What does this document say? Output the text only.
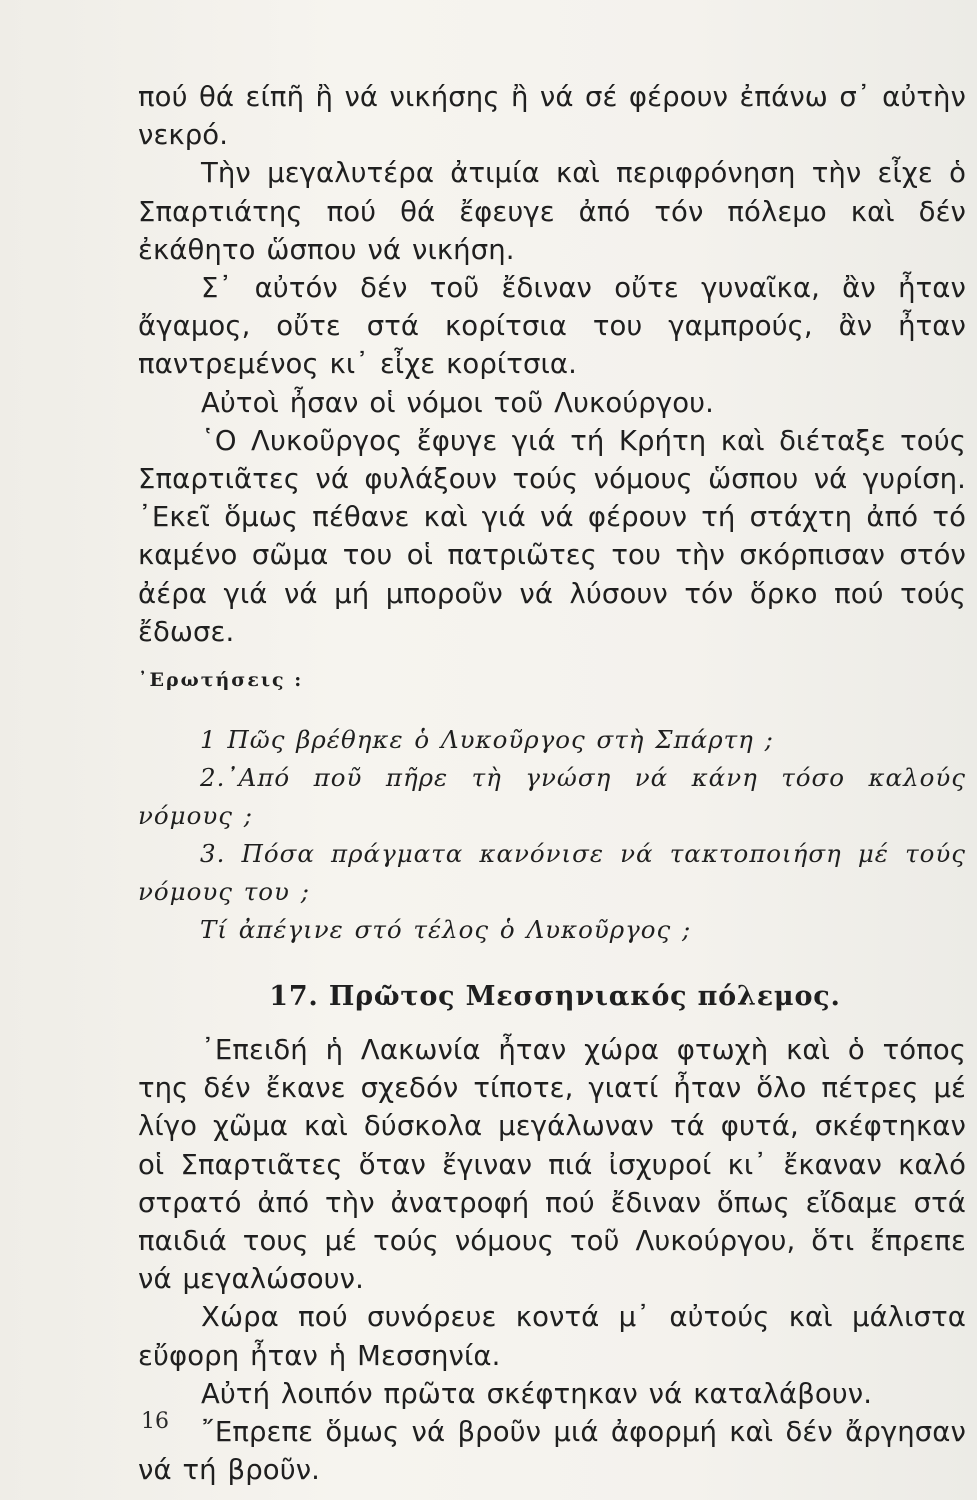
πού θά είπῆ ἢ νά νικήσης ἢ νά σέ φέρουν ἐπάνω σ᾽ αὐτὴν νεκρό.

Τὴν μεγαλυτέρα ἀτιμία καὶ περιφρόνηση τὴν εἶχε ὁ Σπαρτιάτης πού θά ἔφευγε ἀπό τόν πόλεμο καὶ δέν ἐκάθητο ὥσπου νά νικήση.

Σ᾽ αὐτόν δέν τοῦ ἔδιναν οὔτε γυναῖκα, ἂν ἦταν ἄγαμος, οὔτε στά κορίτσια του γαμπρούς, ἂν ἦταν παντρεμένος κι᾽ εἶχε κορίτσια.

Αὐτοὶ ἦσαν οἱ νόμοι τοῦ Λυκούργου.

῾Ο Λυκοῦργος ἔφυγε γιά τή Κρήτη καὶ διέταξε τούς Σπαρτιᾶτες νά φυλάξουν τούς νόμους ὥσπου νά γυρίση. ᾿Εκεῖ ὅμως πέθανε καὶ γιά νά φέρουν τή στάχτη ἀπό τό καμένο σῶμα του οἱ πατριῶτες του τὴν σκόρπισαν στόν ἀέρα γιά νά μή μποροῦν νά λύσουν τόν ὅρκο πού τούς ἔδωσε.

᾿Ερωτήσεις :

1 Πῶς βρέθηκε ὁ Λυκοῦργος στὴ Σπάρτη ;

2.᾿Από ποῦ πῆρε τὴ γνώση νά κάνη τόσο καλούς νόμους ;

3. Πόσα πράγματα κανόνισε νά τακτοποιήση μέ τούς νόμους του ;

Τί ἀπέγινε στό τέλος ὁ Λυκοῦργος ;

17. Πρῶτος Μεσσηνιακός πόλεμος.

᾿Επειδή ἡ Λακωνία ἦταν χώρα φτωχὴ καὶ ὁ τόπος της δέν ἔκανε σχεδόν τίποτε, γιατί ἦταν ὅλο πέτρες μέ λίγο χῶμα καὶ δύσκολα μεγάλωναν τά φυτά, σκέφτηκαν οἱ Σπαρτιᾶτες ὅταν ἔγιναν πιά ἰσχυροί κι᾽ ἔκαναν καλό στρατό ἀπό τὴν ἀνατροφή πού ἔδιναν ὅπως εἴδαμε στά παιδιά τους μέ τούς νόμους τοῦ Λυκούργου, ὅτι ἔπρεπε νά μεγαλώσουν.

Χώρα πού συνόρευε κοντά μ᾽ αὐτούς καὶ μάλιστα εὔφορη ἦταν ἡ Μεσσηνία.

Αὐτή λοιπόν πρῶτα σκέφτηκαν νά καταλάβουν.

῎Επρεπε ὅμως νά βροῦν μιά ἀφορμή καὶ δέν ἄργησαν νά τή βροῦν.

16
